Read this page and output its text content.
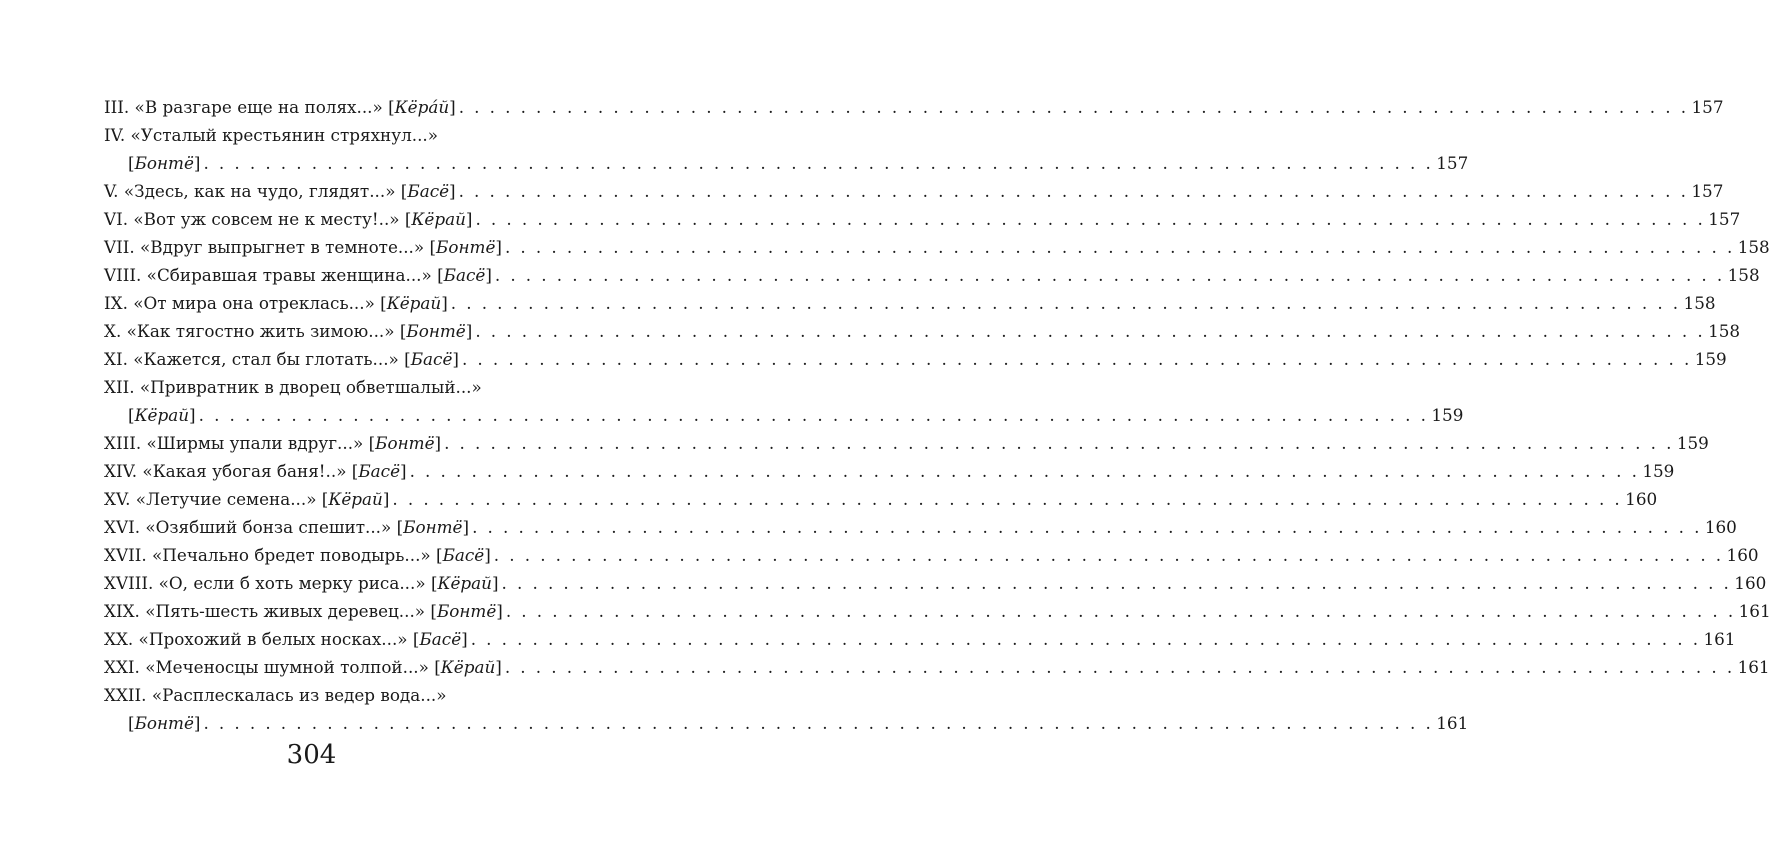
III. «В разгаре еще на полях...» [ Кёра́й ] . . . . . . . . . . . . . . . . . . . . . . . . . . . . . . . . . . . . . . . . . . . . . . . . . . . . . . . . . . . . . . . . . . . . . . . . . . . . . . . . 157
IV. «Усталый крестьянин стряхнул...»
[ Бонтё ] . . . . . . . . . . . . . . . . . . . . . . . . . . . . . . . . . . . . . . . . . . . . . . . . . . . . . . . . . . . . . . . . . . . . . . . . . . . . . . . . 157
V. «Здесь, как на чудо, глядят...» [ Басё ] . . . . . . . . . . . . . . . . . . . . . . . . . . . . . . . . . . . . . . . . . . . . . . . . . . . . . . . . . . . . . . . . . . . . . . . . . . . . . . . . 157
VI. «Вот уж совсем не к месту!..» [ Кёрай ] . . . . . . . . . . . . . . . . . . . . . . . . . . . . . . . . . . . . . . . . . . . . . . . . . . . . . . . . . . . . . . . . . . . . . . . . . . . . . . . . 157
VII. «Вдруг выпрыгнет в темноте...» [ Бонтё ] . . . . . . . . . . . . . . . . . . . . . . . . . . . . . . . . . . . . . . . . . . . . . . . . . . . . . . . . . . . . . . . . . . . . . . . . . . . . . . . . 158
VIII. «Сбиравшая травы женщина...» [ Басё ] . . . . . . . . . . . . . . . . . . . . . . . . . . . . . . . . . . . . . . . . . . . . . . . . . . . . . . . . . . . . . . . . . . . . . . . . . . . . . . . . 158
IX. «От мира она отреклась...» [ Кёрай ] . . . . . . . . . . . . . . . . . . . . . . . . . . . . . . . . . . . . . . . . . . . . . . . . . . . . . . . . . . . . . . . . . . . . . . . . . . . . . . . . 158
X. «Как тягостно жить зимою...» [ Бонтё ] . . . . . . . . . . . . . . . . . . . . . . . . . . . . . . . . . . . . . . . . . . . . . . . . . . . . . . . . . . . . . . . . . . . . . . . . . . . . . . . . 158
XI. «Кажется, стал бы глотать...» [ Басё ] . . . . . . . . . . . . . . . . . . . . . . . . . . . . . . . . . . . . . . . . . . . . . . . . . . . . . . . . . . . . . . . . . . . . . . . . . . . . . . . . 159
XII. «Привратник в дворец обветшалый...»
[ Кёрай ] . . . . . . . . . . . . . . . . . . . . . . . . . . . . . . . . . . . . . . . . . . . . . . . . . . . . . . . . . . . . . . . . . . . . . . . . . . . . . . . . 159
XIII. «Ширмы упали вдруг...» [ Бонтё ] . . . . . . . . . . . . . . . . . . . . . . . . . . . . . . . . . . . . . . . . . . . . . . . . . . . . . . . . . . . . . . . . . . . . . . . . . . . . . . . . 159
XIV. «Какая убогая баня!..» [ Басё ] . . . . . . . . . . . . . . . . . . . . . . . . . . . . . . . . . . . . . . . . . . . . . . . . . . . . . . . . . . . . . . . . . . . . . . . . . . . . . . . . 159
XV. «Летучие семена...» [ Кёрай ] . . . . . . . . . . . . . . . . . . . . . . . . . . . . . . . . . . . . . . . . . . . . . . . . . . . . . . . . . . . . . . . . . . . . . . . . . . . . . . . . 160
XVI. «Озябший бонза спешит...» [ Бонтё ] . . . . . . . . . . . . . . . . . . . . . . . . . . . . . . . . . . . . . . . . . . . . . . . . . . . . . . . . . . . . . . . . . . . . . . . . . . . . . . . . 160
XVII. «Печально бредет поводырь...» [ Басё ] . . . . . . . . . . . . . . . . . . . . . . . . . . . . . . . . . . . . . . . . . . . . . . . . . . . . . . . . . . . . . . . . . . . . . . . . . . . . . . . . 160
XVIII. «О, если б хоть мерку риса...» [ Кёрай ] . . . . . . . . . . . . . . . . . . . . . . . . . . . . . . . . . . . . . . . . . . . . . . . . . . . . . . . . . . . . . . . . . . . . . . . . . . . . . . . . 160
XIX. «Пять-шесть живых деревец...» [ Бонтё ] . . . . . . . . . . . . . . . . . . . . . . . . . . . . . . . . . . . . . . . . . . . . . . . . . . . . . . . . . . . . . . . . . . . . . . . . . . . . . . . . 161
XX. «Прохожий в белых носках...» [ Басё ] . . . . . . . . . . . . . . . . . . . . . . . . . . . . . . . . . . . . . . . . . . . . . . . . . . . . . . . . . . . . . . . . . . . . . . . . . . . . . . . . 161
XXI. «Меченосцы шумной толпой...» [ Кёрай ] . . . . . . . . . . . . . . . . . . . . . . . . . . . . . . . . . . . . . . . . . . . . . . . . . . . . . . . . . . . . . . . . . . . . . . . . . . . . . . . . 161
XXII. «Расплескалась из ведер вода...»
[ Бонтё ] . . . . . . . . . . . . . . . . . . . . . . . . . . . . . . . . . . . . . . . . . . . . . . . . . . . . . . . . . . . . . . . . . . . . . . . . . . . . . . . . 161
304
